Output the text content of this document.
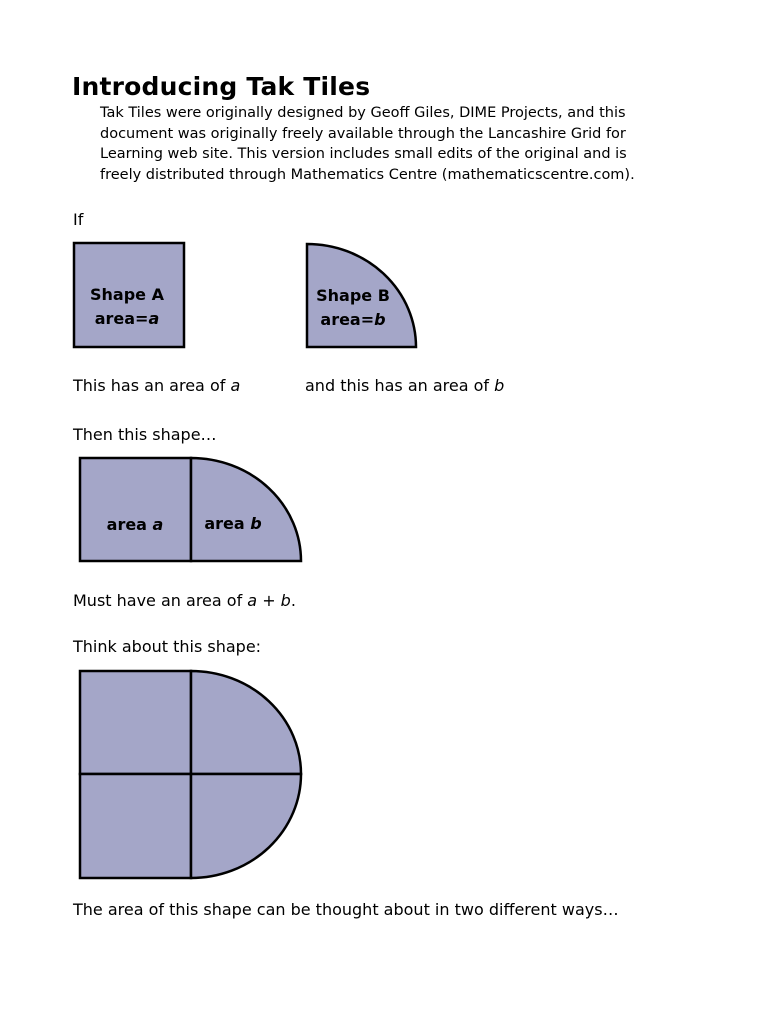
Introducing Tak Tiles
Tak Tiles were originally designed by Geoff Giles, DIME Projects, and this
document was originally freely available through the Lancashire Grid for
Learning web site. This version includes small edits of the original and is
freely distributed through Mathematics Centre (mathematicscentre.com).
If
Shape A
area=a
Shape B
area=b
area a	area b
This has an area of a	and this has an area of b
Then this shape…
Must have an area of a + b.
Think about this shape:
The area of this shape can be thought about in two different ways…
